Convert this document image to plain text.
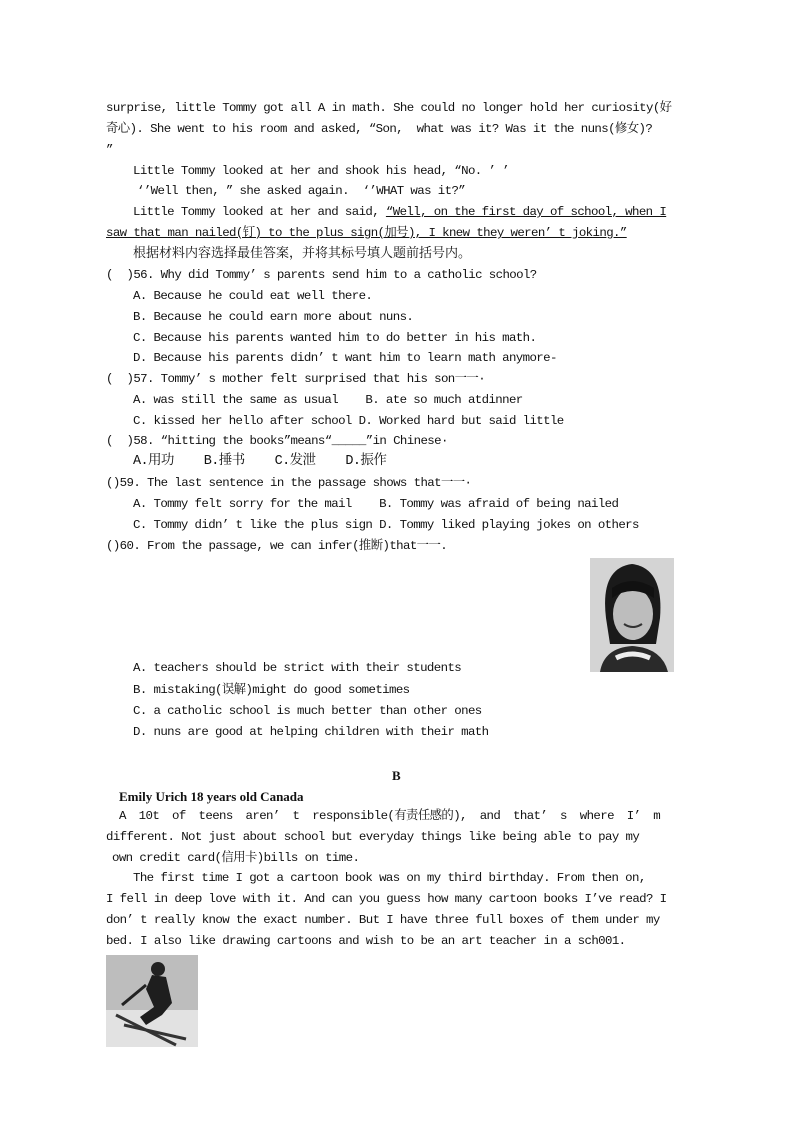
surprise, little Tommy got all A in math. She could no longer hold her curiosity(好
奇心). She went to his room and asked, “Son,  what was it? Was it the nuns(修女)?
”
Little Tommy looked at her and shook his head, “No. ’ ’
‘’Well then, ” she asked again.  ‘’WHAT was it?”
Little Tommy looked at her and said, “Well, on the first day of school, when I
saw that man nailed(钉) to the plus sign(加号), I knew they weren’ t joking.”
根据材料内容选择最佳答案，并将其标号填人题前括号内。
(  )56. Why did Tommy’ s parents send him to a catholic school?
A. Because he could eat well there.
B. Because he could earn more about nuns.
C. Because his parents wanted him to do better in his math.
D. Because his parents didn’ t want him to learn math anymore-
(  )57. Tommy’ s mother felt surprised that his son一一·
A. was still the same as usual    B. ate so much atdinner
C. kissed her hello after school D. Worked hard but said little
(  )58. “hitting the books”means“_____”in Chinese·
A.用功    B.捶书    C.发泄    D.振作
()59. The last sentence in the passage shows that一一·
A. Tommy felt sorry for the mail    B. Tommy was afraid of being nailed
C. Tommy didn’ t like the plus sign D. Tommy liked playing jokes on others
()60. From the passage, we can infer(推断)that一一.
A. teachers should be strict with their students
B. mistaking(误解)might do good sometimes
C. a catholic school is much better than other ones
D. nuns are good at helping children with their math
B
Emily Urich 18 years old Canada
A 10t of teens aren’ t responsible(有责任感的), and that’ s where I’ m
different. Not just about school but everyday things like being able to pay my
own credit card(信用卡)bills on time.
The first time I got a cartoon book was on my third birthday. From then on,
I fell in deep love with it. And can you guess how many cartoon books I’ve read? I
don’ t really know the exact number. But I have three full boxes of them under my
bed. I also like drawing cartoons and wish to be an art teacher in a sch001.
